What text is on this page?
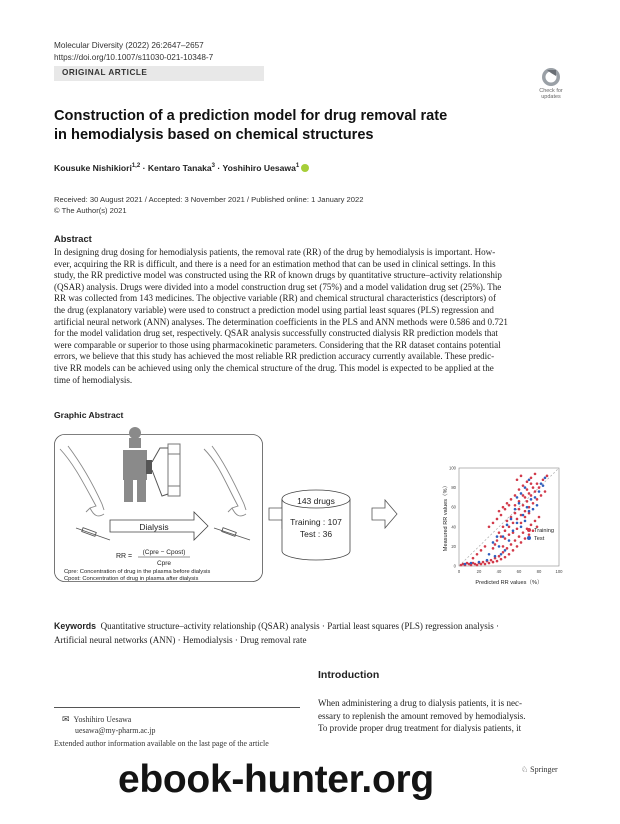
Molecular Diversity (2022) 26:2647–2657
https://doi.org/10.1007/s11030-021-10348-7
ORIGINAL ARTICLE
Check for
updates
Construction of a prediction model for drug removal rate
in hemodialysis based on chemical structures
Kousuke Nishikiori$^{1,2}$ · Kentaro Tanaka$^3$ · Yoshihiro Uesawa$^1$
Received: 30 August 2021 / Accepted: 3 November 2021 / Published online: 1 January 2022
© The Author(s) 2021
Abstract
In designing drug dosing for hemodialysis patients, the removal rate (RR) of the drug by hemodialysis is important. How-
ever, acquiring the RR is difficult, and there is a need for an estimation method that can be used in clinical settings. In this
study, the RR predictive model was constructed using the RR of known drugs by quantitative structure–activity relationship
(QSAR) analysis. Drugs were divided into a model construction drug set (75%) and a model validation drug set (25%). The
RR was collected from 143 medicines. The objective variable (RR) and chemical structural characteristics (descriptors) of
the drug (explanatory variable) were used to construct a prediction model using partial least squares (PLS) regression and
artificial neural network (ANN) analyses. The determination coefficients in the PLS and ANN methods were 0.586 and 0.721
for the model validation drug set, respectively. QSAR analysis successfully constructed dialysis RR prediction models that
were comparable or superior to those using pharmacokinetic parameters. Considering that the RR dataset contains potential
errors, we believe that this study has achieved the most reliable RR prediction accuracy currently available. These predic-
tive RR models can be achieved using only the chemical structure of the drug. This model is expected to be applied at the
time of hemodialysis.
Graphic Abstract
Dialysis
RR =
(Cpre − Cpost)
Cpre
Cpre: Concentration of drug in the plasma before dialysis
Cpost: Concentration of drug in plasma after dialysis
143 drugs
Training : 107
Test : 36
0	20	40	60	80	100
0
20
40
60
80
100
Predicted RR values（%）
Measured RR values（%）	Training
Test
Keywords Quantitative structure–activity relationship (QSAR) analysis · Partial least squares (PLS) regression analysis ·
Artificial neural networks (ANN) · Hemodialysis · Drug removal rate
Introduction
When administering a drug to dialysis patients, it is nec-
essary to replenish the amount removed by hemodialysis.
To provide proper drug treatment for dialysis patients, it
✉ Yoshihiro Uesawa
uesawa@my-pharm.ac.jp
Extended author information available on the last page of the article
♘ Springer
ebook-hunter.org
